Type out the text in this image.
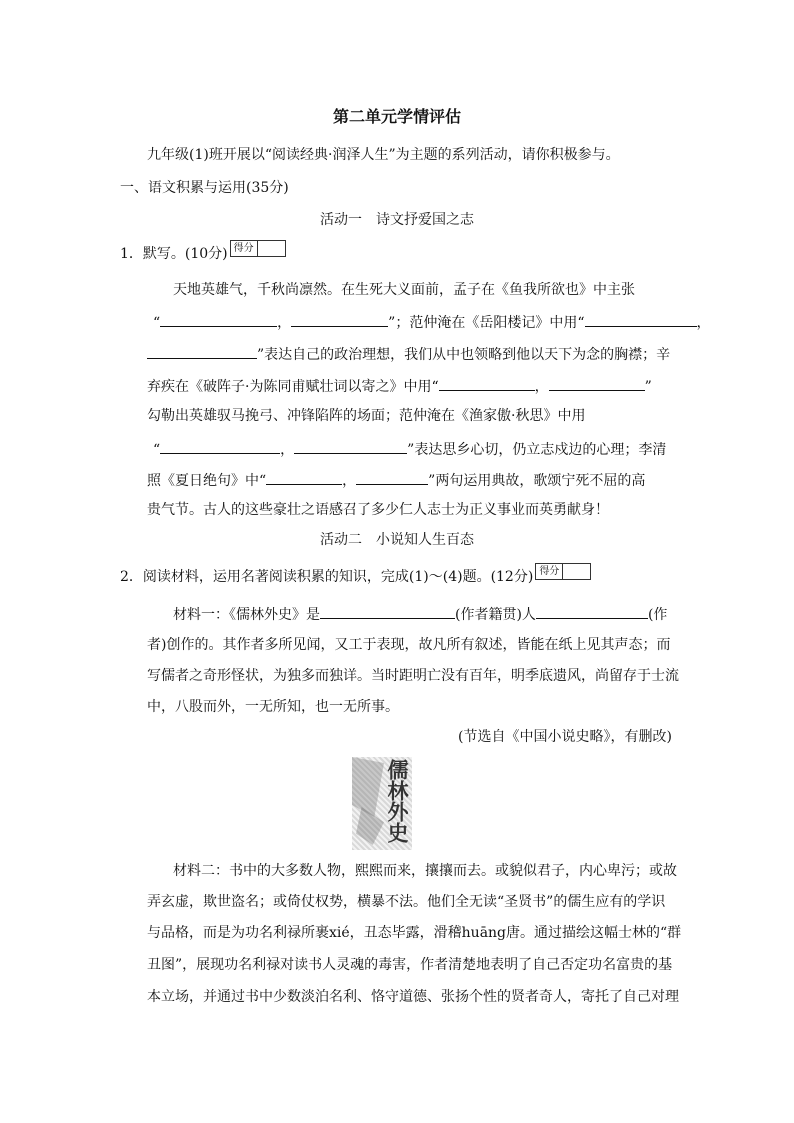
第二单元学情评估
九年级(1)班开展以“阅读经典·润泽人生”为主题的系列活动，请你积极参与。
一、语文积累与运用(35分)
活动一　诗文抒爱国之志
1．默写。(10分) 得分
天地英雄气，千秋尚凛然。在生死大义面前，孟子在《鱼我所欲也》中主张
“	，	”；范仲淹在《岳阳楼记》中用“	，
”表达自己的政治理想，我们从中也领略到他以天下为念的胸襟；辛
弃疾在《破阵子·为陈同甫赋壮词以寄之》中用“	，	”
勾勒出英雄驭马挽弓、冲锋陷阵的场面；范仲淹在《渔家傲·秋思》中用
“	，	”表达思乡心切，仍立志戍边的心理；李清
照《夏日绝句》中“	，	”两句运用典故，歌颂宁死不屈的高
贵气节。古人的这些豪壮之语感召了多少仁人志士为正义事业而英勇献身！
活动二　小说知人生百态
2．阅读材料，运用名著阅读积累的知识，完成(1)～(4)题。(12分) 得分
材料一：《儒林外史》是	(作者籍贯)人	(作
者)创作的。其作者多所见闻，又工于表现，故凡所有叙述，皆能在纸上见其声态；而
写儒者之奇形怪状，为独多而独详。当时距明亡没有百年，明季底遗风，尚留存于士流
中，八股而外，一无所知，也一无所事。
(节选自《中国小说史略》，有删改)
儒林外史
材料二：书中的大多数人物，熙熙而来，攘攘而去。或貌似君子，内心卑污；或故
弄玄虚，欺世盗名；或倚仗权势，横暴不法。他们全无读“圣贤书”的儒生应有的学识
与品格，而是为功名利禄所裹xié，丑态毕露，滑稽huāng唐。通过描绘这幅士林的“群
丑图”，展现功名利禄对读书人灵魂的毒害，作者清楚地表明了自己否定功名富贵的基
本立场，并通过书中少数淡泊名利、恪守道德、张扬个性的贤者奇人，寄托了自己对理
